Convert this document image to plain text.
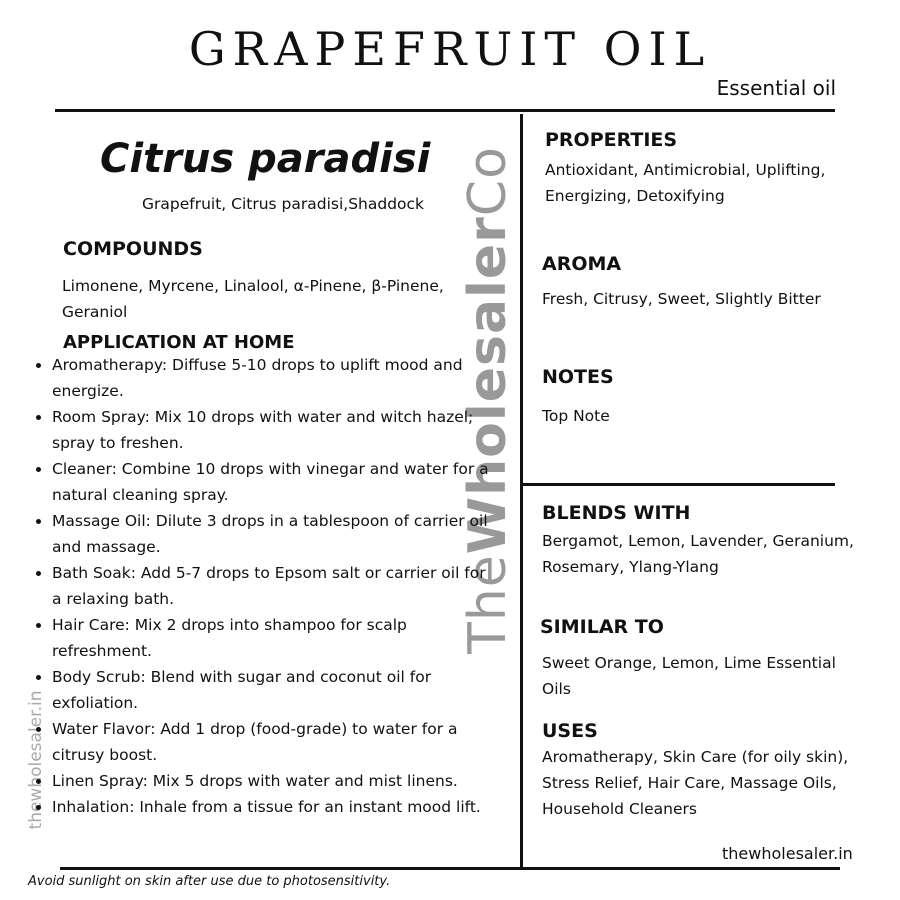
GRAPEFRUIT OIL
Essential oil
TheWholesalerCo
thewholesaler.in
Citrus paradisi
Grapefruit, Citrus paradisi,Shaddock
COMPOUNDS
Limonene, Myrcene, Linalool, α-Pinene, β-Pinene, Geraniol
APPLICATION AT HOME
• Aromatherapy: Diffuse 5-10 drops to uplift mood and energize.
• Room Spray: Mix 10 drops with water and witch hazel; spray to freshen.
• Cleaner: Combine 10 drops with vinegar and water for a natural cleaning spray.
• Massage Oil: Dilute 3 drops in a tablespoon of carrier oil and massage.
• Bath Soak: Add 5-7 drops to Epsom salt or carrier oil for a relaxing bath.
• Hair Care: Mix 2 drops into shampoo for scalp refreshment.
• Body Scrub: Blend with sugar and coconut oil for exfoliation.
• Water Flavor: Add 1 drop (food-grade) to water for a citrusy boost.
• Linen Spray: Mix 5 drops with water and mist linens.
• Inhalation: Inhale from a tissue for an instant mood lift.
PROPERTIES
Antioxidant, Antimicrobial, Uplifting, Energizing, Detoxifying
AROMA
Fresh, Citrusy, Sweet, Slightly Bitter
NOTES
Top Note
BLENDS WITH
Bergamot, Lemon, Lavender, Geranium, Rosemary, Ylang-Ylang
SIMILAR TO
Sweet Orange, Lemon, Lime Essential Oils
USES
Aromatherapy, Skin Care (for oily skin), Stress Relief, Hair Care, Massage Oils, Household Cleaners
thewholesaler.in
Avoid sunlight on skin after use due to photosensitivity.
